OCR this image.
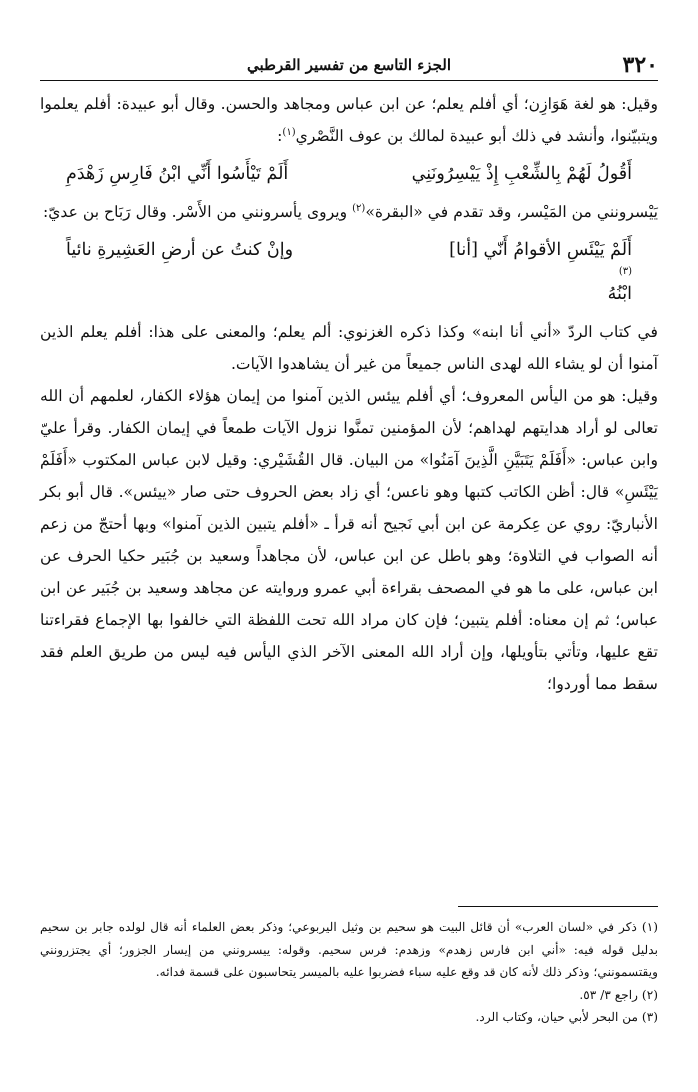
٣٢٠
الجزء التاسع من تفسير القرطبي

وقيل: هو لغة هَوَازِن؛ أي أفلم يعلم؛ عن ابن عباس ومجاهد والحسن. وقال أبو عبيدة: أفلم يعلموا ويتبيّنوا، وأنشد في ذلك أبو عبيدة لمالك بن عوف النَّصْري$^{(١)}$:

أَقُولُ لَهُمْ بِالشِّعْبِ إِذْ يَيْسِرُونَنِي
أَلَمْ تَيْأَسُوا أَنِّي ابْنُ فَارِسِ زَهْدَمِ

يَيْسرونني من المَيْسر، وقد تقدم في «البقرة»$^{(٢)}$ ويروى يأسرونني من الأَسْر. وقال رَبَاح بن عديّ:

أَلَمْ يَيْئَسِ الأقوامُ أَنّي [أنا]
(٣)
ابْنُهُ
وإنْ كنتُ عن أرضِ العَشِيرةِ نائياً

في كتاب الردّ «أني أنا ابنه» وكذا ذكره الغزنوي: ألم يعلم؛ والمعنى على هذا: أفلم يعلم الذين آمنوا أن لو يشاء الله لهدى الناس جميعاً من غير أن يشاهدوا الآيات.

وقيل: هو من اليأس المعروف؛ أي أفلم ييئس الذين آمنوا من إيمان هؤلاء الكفار، لعلمهم أن الله تعالى لو أراد هدايتهم لهداهم؛ لأن المؤمنين تمنَّوا نزول الآيات طمعاً في إيمان الكفار. وقرأ عليّ وابن عباس: «أَفَلَمْ يَتَبَيَّنِ الَّذِينَ آمَنُوا» من البيان. قال القُشَيْري: وقيل لابن عباس المكتوب «أَفَلَمْ يَيْئَسِ» قال: أظن الكاتب كتبها وهو ناعس؛ أي زاد بعض الحروف حتى صار «ييئس». قال أبو بكر الأنباريّ: روي عن عِكرمة عن ابن أبي نَجيح أنه قرأ ـ «أفلم يتبين الذين آمنوا» وبها أحتجّ من زعم أنه الصواب في التلاوة؛ وهو باطل عن ابن عباس، لأن مجاهداً وسعيد بن جُبَير حكيا الحرف عن ابن عباس، على ما هو في المصحف بقراءة أبي عمرو وروايته عن مجاهد وسعيد بن جُبَير عن ابن عباس؛ ثم إن معناه: أفلم يتبين؛ فإن كان مراد الله تحت اللفظة التي خالفوا بها الإجماع فقراءتنا تقع عليها، وتأتي بتأويلها، وإن أراد الله المعنى الآخر الذي اليأس فيه ليس من طريق العلم فقد سقط مما أوردوا؛

(١) ذكر في «لسان العرب» أن قائل البيت هو سحيم بن وثيل اليربوعي؛ وذكر بعض العلماء أنه قال لولده جابر بن سحيم بدليل قوله فيه: «أني ابن فارس زهدم» وزهدم: فرس سحيم. وقوله: ييسرونني من إيسار الجزور؛ أي يجتزرونني ويقتسمونني؛ وذكر ذلك لأنه كان قد وقع عليه سباء فضربوا عليه بالميسر يتحاسبون على قسمة فدائه.

(٢) راجع ٣/ ٥٣.

(٣) من البحر لأبي حيان، وكتاب الرد.
